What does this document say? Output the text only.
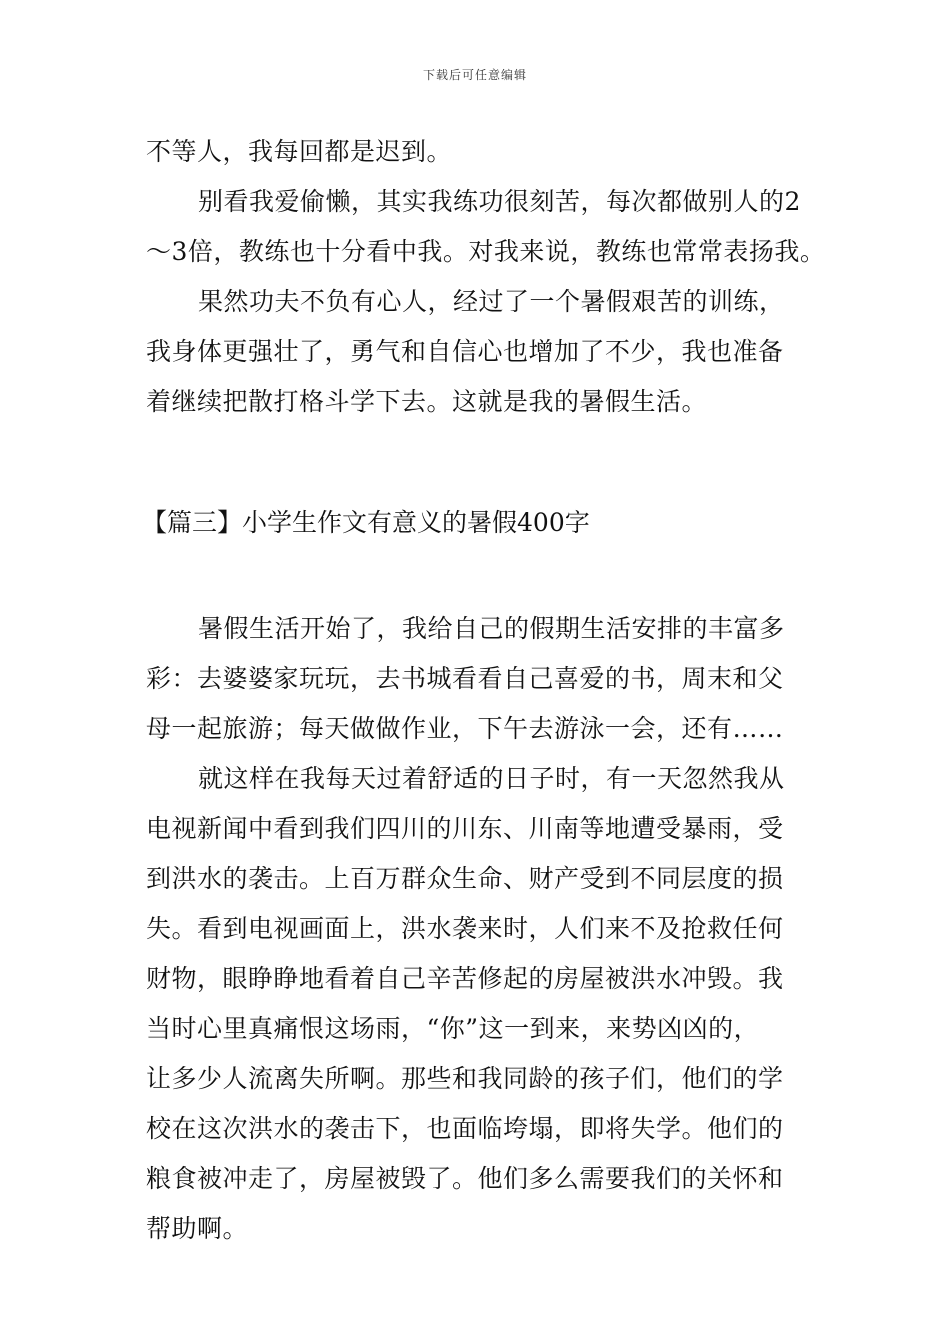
下载后可任意编辑
不等人，我每回都是迟到。
别看我爱偷懒，其实我练功很刻苦，每次都做别人的2
～3倍，教练也十分看中我。对我来说，教练也常常表扬我。
果然功夫不负有心人，经过了一个暑假艰苦的训练，
我身体更强壮了，勇气和自信心也增加了不少，我也准备
着继续把散打格斗学下去。这就是我的暑假生活。
【篇三】小学生作文有意义的暑假400字
暑假生活开始了，我给自己的假期生活安排的丰富多
彩：去婆婆家玩玩，去书城看看自己喜爱的书，周末和父
母一起旅游；每天做做作业，下午去游泳一会，还有……
就这样在我每天过着舒适的日子时，有一天忽然我从
电视新闻中看到我们四川的川东、川南等地遭受暴雨，受
到洪水的袭击。上百万群众生命、财产受到不同层度的损
失。看到电视画面上，洪水袭来时，人们来不及抢救任何
财物，眼睁睁地看着自己辛苦修起的房屋被洪水冲毁。我
当时心里真痛恨这场雨，“你”这一到来，来势凶凶的，
让多少人流离失所啊。那些和我同龄的孩子们，他们的学
校在这次洪水的袭击下，也面临垮塌，即将失学。他们的
粮食被冲走了，房屋被毁了。他们多么需要我们的关怀和
帮助啊。
